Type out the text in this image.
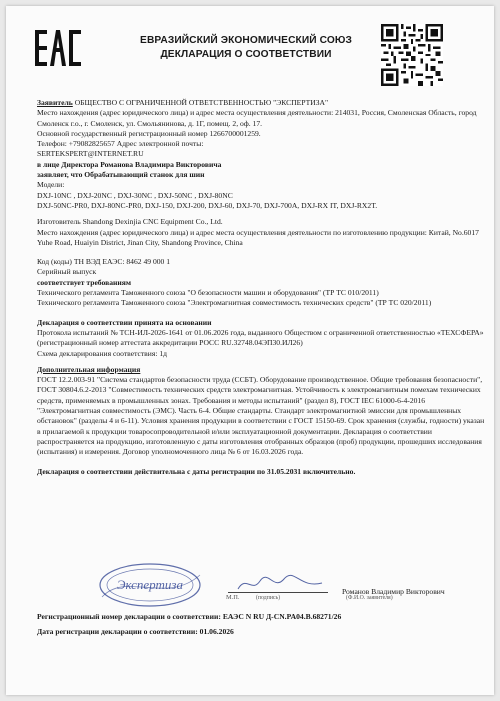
ЕВРАЗИЙСКИЙ ЭКОНОМИЧЕСКИЙ СОЮЗ
ДЕКЛАРАЦИЯ О СООТВЕТСТВИИ

Заявитель ОБЩЕСТВО С ОГРАНИЧЕННОЙ ОТВЕТСТВЕННОСТЬЮ "ЭКСПЕРТИЗА"

Место нахождения (адрес юридического лица) и адрес места осуществления деятельности: 214031, Россия, Смоленская Область, город Смоленск г.о., г. Смоленск, ул. Смольянинова, д. 1Г, помещ. 2, оф. 17.

Основной государственный регистрационный номер 1266700001259.

Телефон: +79082825657 Адрес электронной почты:

SERTEKSPERT@INTERNET.RU

в лице Директора Романова Владимира Викторовича

заявляет, что Обрабатывающий станок для шин

Модели:

DXJ-10NC , DXJ-20NC , DXJ-30NC , DXJ-50NC , DXJ-80NC

DXJ-50NC-PR0, DXJ-80NC-PR0, DXJ-150, DXJ-200, DXJ-60, DXJ-70, DXJ-700A, DXJ-RX IT, DXJ-RX2T.

Изготовитель Shandong Dexinjia CNC Equipment Co., Ltd.

Место нахождения (адрес юридического лица) и адрес места осуществления деятельности по изготовлению продукции: Китай, No.6017 Yuhe Road, Huaiyin District, Jinan City, Shandong Province, China

Код (коды) ТН ВЭД ЕАЭС: 8462 49 000 1

Серийный выпуск

соответствует требованиям

Технического регламента Таможенного союза "О безопасности машин и оборудования" (ТР ТС 010/2011)

Технического регламента Таможенного союза "Электромагнитная совместимость технических средств" (ТР ТС 020/2011)

Декларация о соответствии принята на основании

Протокола испытаний № ТСН-ИЛ-2026-1641 от 01.06.2026 года, выданного Обществом с ограниченной ответственностью «ТЕХСФЕРА» (регистрационный номер аттестата аккредитации РОСС RU.32748.04ЭП30.ИЛ26)

Схема декларирования соответствия: 1д

Дополнительная информация

ГОСТ 12.2.003-91 "Система стандартов безопасности труда (ССБТ). Оборудование производственное. Общие требования безопасности", ГОСТ 30804.6.2-2013 "Совместимость технических средств электромагнитная. Устойчивость к электромагнитным помехам технических средств, применяемых в промышленных зонах. Требования и методы испытаний" (раздел 8), ГОСТ IEC 61000-6-4-2016 "Электромагнитная совместимость (ЭМС). Часть 6-4. Общие стандарты. Стандарт электромагнитной эмиссии для промышленных обстановок" (разделы 4 и 6-11). Условия хранения продукции в соответствии с ГОСТ 15150-69. Срок хранения (службы, годности) указан в прилагаемой к продукции товаросопроводительной и/или эксплуатационной документации. Декларация о соответствии распространяется на продукцию, изготовленную с даты изготовления отобранных образцов (проб) продукции, прошедших исследования (испытания) и измерения. Договор уполномоченного лица № 6 от 16.03.2026 года.

Декларация о соответствии действительна с даты регистрации по 31.05.2031 включительно.

Экспертиза
М.П.	(подпись)
Романов Владимир Викторович
(Ф.И.О. заявителя)
Регистрационный номер декларации о соответствии: ЕАЭС N RU Д-CN.PA04.B.68271/26
Дата регистрации декларации о соответствии: 01.06.2026
